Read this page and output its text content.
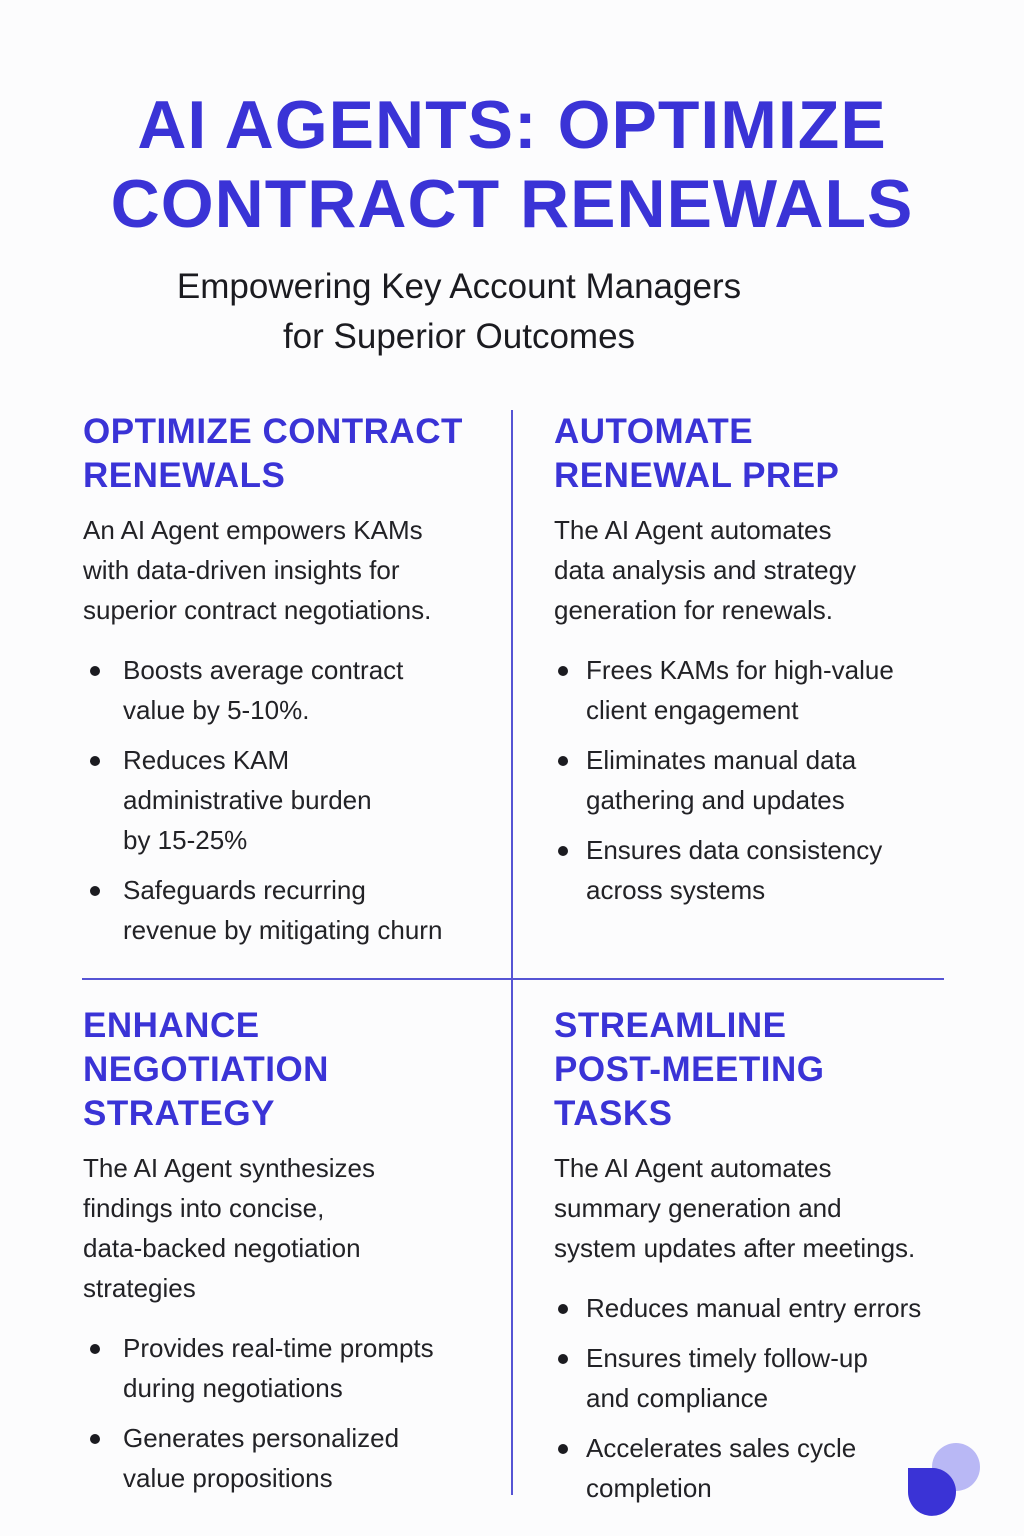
AI AGENTS: OPTIMIZE
CONTRACT RENEWALS
Empowering Key Account Managers
for Superior Outcomes
OPTIMIZE CONTRACT
RENEWALS
An AI Agent empowers KAMs
with data-driven insights for
superior contract negotiations.
Boosts average contract
value by 5-10%.
Reduces KAM
administrative burden
by 15-25%
Safeguards recurring
revenue by mitigating churn
AUTOMATE
RENEWAL PREP
The AI Agent automates
data analysis and strategy
generation for renewals.
Frees KAMs for high-value
client engagement
Eliminates manual data
gathering and updates
Ensures data consistency
across systems
ENHANCE
NEGOTIATION
STRATEGY
The AI Agent synthesizes
findings into concise,
data-backed negotiation
strategies
Provides real-time prompts
during negotiations
Generates personalized
value propositions
STREAMLINE
POST-MEETING
TASKS
The AI Agent automates
summary generation and
system updates after meetings.
Reduces manual entry errors
Ensures timely follow-up
and compliance
Accelerates sales cycle
completion
